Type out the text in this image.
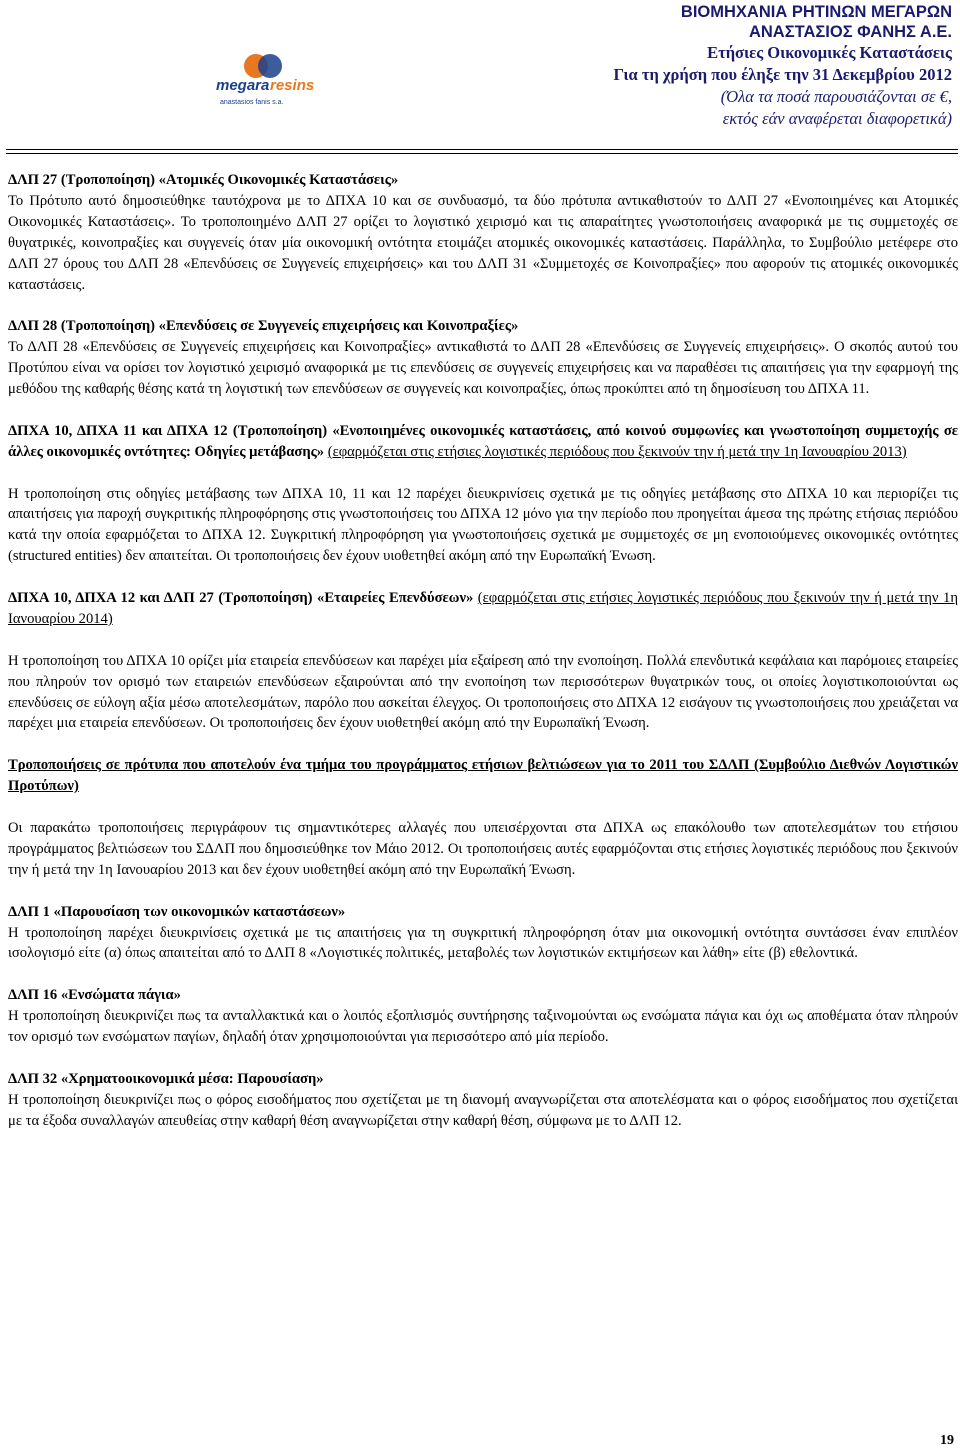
megara resins
anastasios fanis s.a.
ΒΙΟΜΗΧΑΝΙΑ ΡΗΤΙΝΩΝ ΜΕΓΑΡΩΝ
ΑΝΑΣΤΑΣΙΟΣ ΦΑΝΗΣ Α.Ε.
Ετήσιες Οικονομικές Καταστάσεις
Για τη χρήση που έληξε την 31 Δεκεμβρίου 2012
(Όλα τα ποσά παρουσιάζονται σε €,
εκτός εάν αναφέρεται διαφορετικά)

ΔΛΠ 27 (Τροποποίηση) «Ατομικές Οικονομικές Καταστάσεις»

Το Πρότυπο αυτό δημοσιεύθηκε ταυτόχρονα με το ΔΠΧΑ 10 και σε συνδυασμό, τα δύο πρότυπα αντικαθιστούν το ΔΛΠ 27 «Ενοποιημένες και Ατομικές Οικονομικές Καταστάσεις». Το τροποποιημένο ΔΛΠ 27 ορίζει το λογιστικό χειρισμό και τις απαραίτητες γνωστοποιήσεις αναφορικά με τις συμμετοχές σε θυγατρικές, κοινοπραξίες και συγγενείς όταν μία οικονομική οντότητα ετοιμάζει ατομικές οικονομικές καταστάσεις. Παράλληλα, το Συμβούλιο μετέφερε στο ΔΛΠ 27 όρους του ΔΛΠ 28 «Επενδύσεις σε Συγγενείς επιχειρήσεις» και του ΔΛΠ 31 «Συμμετοχές σε Κοινοπραξίες» που αφορούν τις ατομικές οικονομικές καταστάσεις.

ΔΛΠ 28 (Τροποποίηση) «Επενδύσεις σε Συγγενείς επιχειρήσεις και Κοινοπραξίες»

Το ΔΛΠ 28 «Επενδύσεις σε Συγγενείς επιχειρήσεις και Κοινοπραξίες» αντικαθιστά το ΔΛΠ 28 «Επενδύσεις σε Συγγενείς επιχειρήσεις». Ο σκοπός αυτού του Προτύπου είναι να ορίσει τον λογιστικό χειρισμό αναφορικά με τις επενδύσεις σε συγγενείς επιχειρήσεις και να παραθέσει τις απαιτήσεις για την εφαρμογή της μεθόδου της καθαρής θέσης κατά τη λογιστική των επενδύσεων σε συγγενείς και κοινοπραξίες, όπως προκύπτει από τη δημοσίευση του ΔΠΧΑ 11.

ΔΠΧΑ 10, ΔΠΧΑ 11 και ΔΠΧΑ 12 (Τροποποίηση) «Ενοποιημένες οικονομικές καταστάσεις, από κοινού συμφωνίες και γνωστοποίηση συμμετοχής σε άλλες οικονομικές οντότητες: Οδηγίες μετάβασης» (εφαρμόζεται στις ετήσιες λογιστικές περιόδους που ξεκινούν την ή μετά την 1η Ιανουαρίου 2013)

Η τροποποίηση στις οδηγίες μετάβασης των ΔΠΧΑ 10, 11 και 12 παρέχει διευκρινίσεις σχετικά με τις οδηγίες μετάβασης στο ΔΠΧΑ 10 και περιορίζει τις απαιτήσεις για παροχή συγκριτικής πληροφόρησης στις γνωστοποιήσεις του ΔΠΧΑ 12 μόνο για την περίοδο που προηγείται άμεσα της πρώτης ετήσιας περιόδου κατά την οποία εφαρμόζεται το ΔΠΧΑ 12. Συγκριτική πληροφόρηση για γνωστοποιήσεις σχετικά με συμμετοχές σε μη ενοποιούμενες οικονομικές οντότητες (structured entities) δεν απαιτείται. Οι τροποποιήσεις δεν έχουν υιοθετηθεί ακόμη από την Ευρωπαϊκή Ένωση.

ΔΠΧΑ 10, ΔΠΧΑ 12 και ΔΛΠ 27 (Τροποποίηση) «Εταιρείες Επενδύσεων» (εφαρμόζεται στις ετήσιες λογιστικές περιόδους που ξεκινούν την ή μετά την 1η Ιανουαρίου 2014)

Η τροποποίηση του ΔΠΧΑ 10 ορίζει μία εταιρεία επενδύσεων και παρέχει μία εξαίρεση από την ενοποίηση. Πολλά επενδυτικά κεφάλαια και παρόμοιες εταιρείες που πληρούν τον ορισμό των εταιρειών επενδύσεων εξαιρούνται από την ενοποίηση των περισσότερων θυγατρικών τους, οι οποίες λογιστικοποιούνται ως επενδύσεις σε εύλογη αξία μέσω αποτελεσμάτων, παρόλο που ασκείται έλεγχος. Οι τροποποιήσεις στο ΔΠΧΑ 12 εισάγουν τις γνωστοποιήσεις που χρειάζεται να παρέχει μια εταιρεία επενδύσεων. Οι τροποποιήσεις δεν έχουν υιοθετηθεί ακόμη από την Ευρωπαϊκή Ένωση.

Τροποποιήσεις σε πρότυπα που αποτελούν ένα τμήμα του προγράμματος ετήσιων βελτιώσεων για το 2011 του ΣΔΛΠ (Συμβούλιο Διεθνών Λογιστικών Προτύπων)

Οι παρακάτω τροποποιήσεις περιγράφουν τις σημαντικότερες αλλαγές που υπεισέρχονται στα ΔΠΧΑ ως επακόλουθο των αποτελεσμάτων του ετήσιου προγράμματος βελτιώσεων του ΣΔΛΠ που δημοσιεύθηκε τον Μάιο 2012. Οι τροποποιήσεις αυτές εφαρμόζονται στις ετήσιες λογιστικές περιόδους που ξεκινούν την ή μετά την 1η Ιανουαρίου 2013 και δεν έχουν υιοθετηθεί ακόμη από την Ευρωπαϊκή Ένωση.

ΔΛΠ 1 «Παρουσίαση των οικονομικών καταστάσεων»

Η τροποποίηση παρέχει διευκρινίσεις σχετικά με τις απαιτήσεις για τη συγκριτική πληροφόρηση όταν μια οικονομική οντότητα συντάσσει έναν επιπλέον ισολογισμό είτε (α) όπως απαιτείται από το ΔΛΠ 8 «Λογιστικές πολιτικές, μεταβολές των λογιστικών εκτιμήσεων και λάθη» είτε (β) εθελοντικά.

ΔΛΠ 16 «Ενσώματα πάγια»

Η τροποποίηση διευκρινίζει πως τα ανταλλακτικά και ο λοιπός εξοπλισμός συντήρησης ταξινομούνται ως ενσώματα πάγια και όχι ως αποθέματα όταν πληρούν τον ορισμό των ενσώματων παγίων, δηλαδή όταν χρησιμοποιούνται για περισσότερο από μία περίοδο.

ΔΛΠ 32 «Χρηματοοικονομικά μέσα: Παρουσίαση»

Η τροποποίηση διευκρινίζει πως ο φόρος εισοδήματος που σχετίζεται με τη διανομή αναγνωρίζεται στα αποτελέσματα και ο φόρος εισοδήματος που σχετίζεται με τα έξοδα συναλλαγών απευθείας στην καθαρή θέση αναγνωρίζεται στην καθαρή θέση, σύμφωνα με το ΔΛΠ 12.

19
